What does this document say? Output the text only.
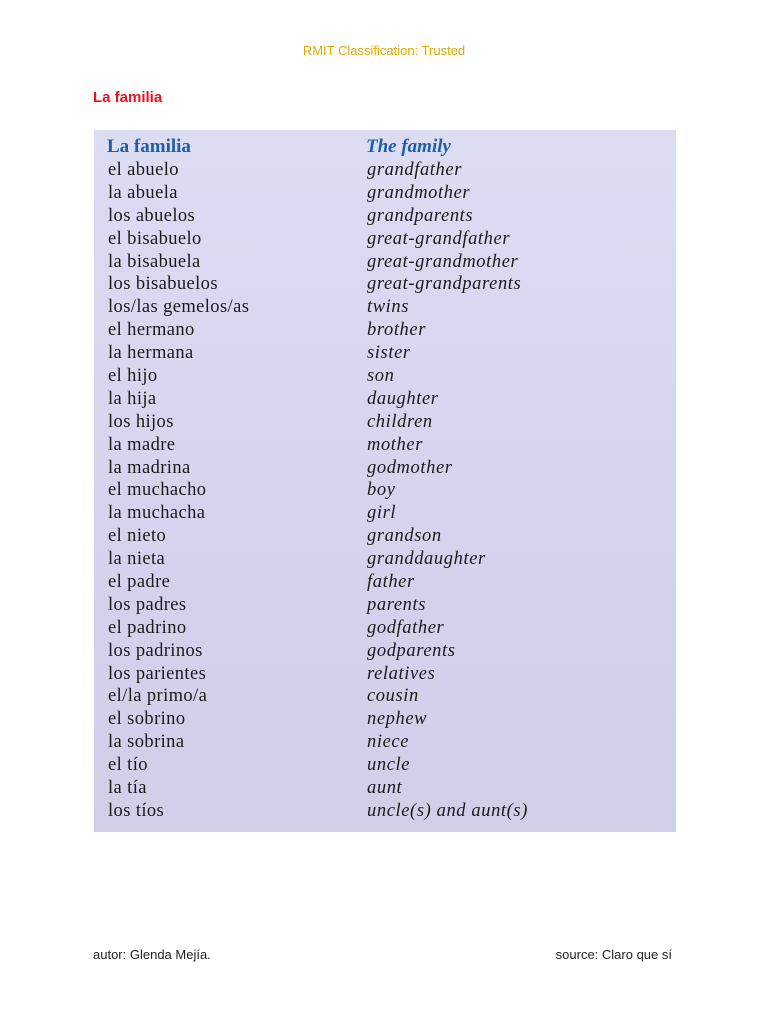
RMIT Classification: Trusted
La familia
La familia	The family
el abuelo	grandfather
la abuela	grandmother
los abuelos	grandparents
el bisabuelo	great-grandfather
la bisabuela	great-grandmother
los bisabuelos	great-grandparents
los/las gemelos/as	twins
el hermano	brother
la hermana	sister
el hijo	son
la hija	daughter
los hijos	children
la madre	mother
la madrina	godmother
el muchacho	boy
la muchacha	girl
el nieto	grandson
la nieta	granddaughter
el padre	father
los padres	parents
el padrino	godfather
los padrinos	godparents
los parientes	relatives
el/la primo/a	cousin
el sobrino	nephew
la sobrina	niece
el tío	uncle
la tía	aunt
los tíos	uncle(s) and aunt(s)
autor: Glenda Mejía.	source: Claro que sí
